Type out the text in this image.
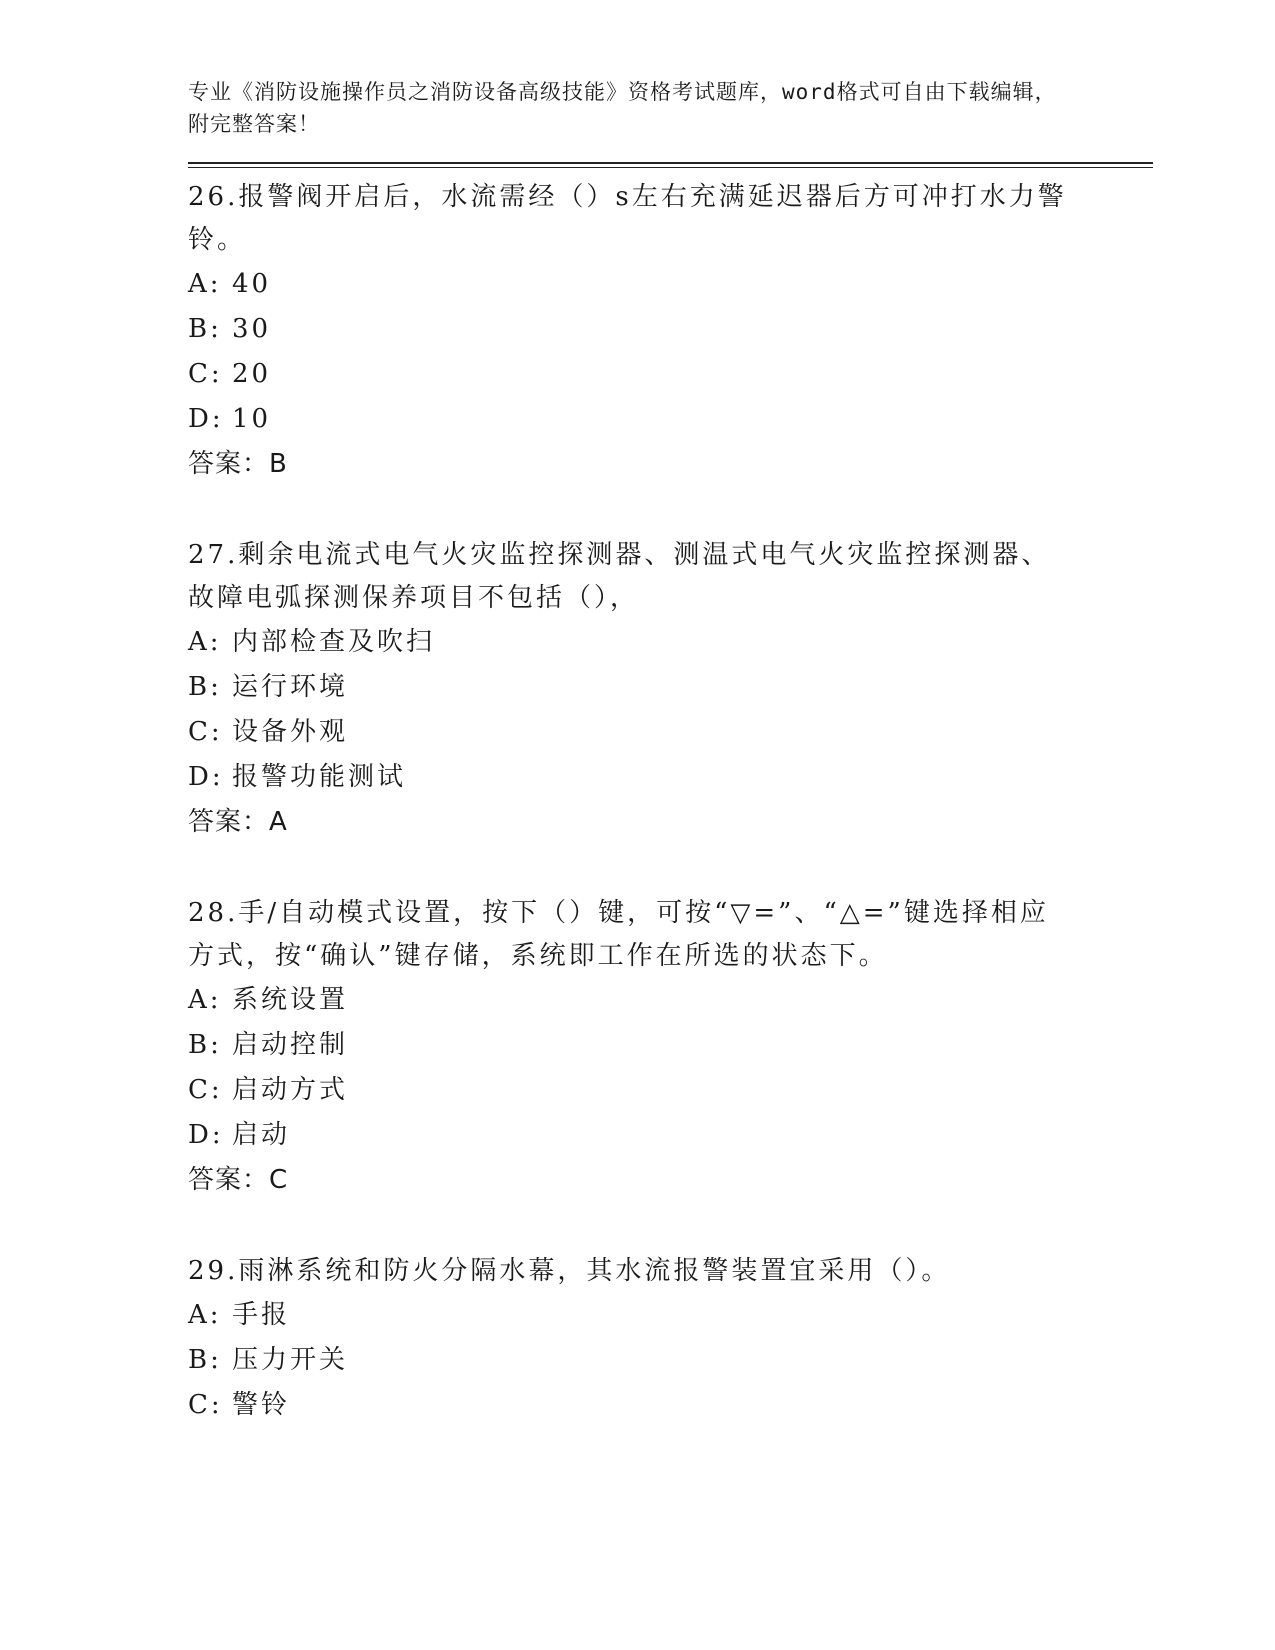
专业《消防设施操作员之消防设备高级技能》资格考试题库，word格式可自由下载编辑，附完整答案！

26.报警阀开启后，水流需经（）s左右充满延迟器后方可冲打水力警铃。

A: 40

B: 30

C: 20

D: 10

答案：B

27.剩余电流式电气火灾监控探测器、测温式电气火灾监控探测器、故障电弧探测保养项目不包括（），

A: 内部检查及吹扫

B: 运行环境

C: 设备外观

D: 报警功能测试

答案：A

28.手/自动模式设置，按下（）键，可按“▽=”、“△=”键选择相应方式，按“确认”键存储，系统即工作在所选的状态下。

A: 系统设置

B: 启动控制

C: 启动方式

D: 启动

答案：C

29.雨淋系统和防火分隔水幕，其水流报警装置宜采用（）。

A: 手报

B: 压力开关

C: 警铃
